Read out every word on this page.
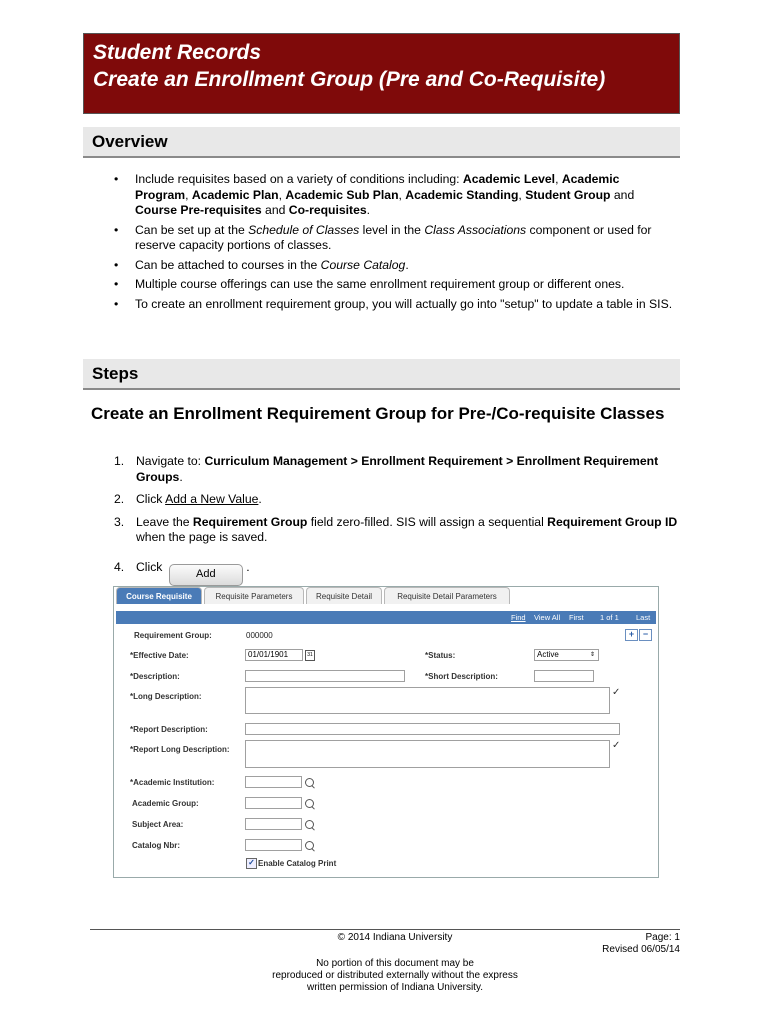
Student Records
Create an Enrollment Group (Pre and Co-Requisite)
Overview
• Include requisites based on a variety of conditions including: Academic Level, Academic Program, Academic Plan, Academic Sub Plan, Academic Standing, Student Group and Course Pre-requisites and Co-requisites.
• Can be set up at the Schedule of Classes level in the Class Associations component or used for reserve capacity portions of classes.
• Can be attached to courses in the Course Catalog.
• Multiple course offerings can use the same enrollment requirement group or different ones.
• To create an enrollment requirement group, you will actually go into "setup" to update a table in SIS.
Steps
Create an Enrollment Requirement Group for Pre-/Co-requisite Classes
1. Navigate to: Curriculum Management > Enrollment Requirement > Enrollment Requirement Groups.
2. Click Add a New Value.
3. Leave the Requirement Group field zero-filled. SIS will assign a sequential Requirement Group ID when the page is saved.
4. Click	Add	.
Course Requisite	Requisite Parameters	Requisite Detail	Requisite Detail Parameters
Find View All First 1 of 1 Last
+ −
Requirement Group:	000000
*Effective Date:	01/01/1901	31	*Status:	Active	⇕
*Description:	*Short Description:
*Long Description:	✓
*Report Description:
*Report Long Description:	✓
*Academic Institution:
Academic Group:
Subject Area:
Catalog Nbr:
✓ Enable Catalog Print
© 2014 Indiana University	Page: 1
Revised 06/05/14
No portion of this document may be
reproduced or distributed externally without the express
written permission of Indiana University.
